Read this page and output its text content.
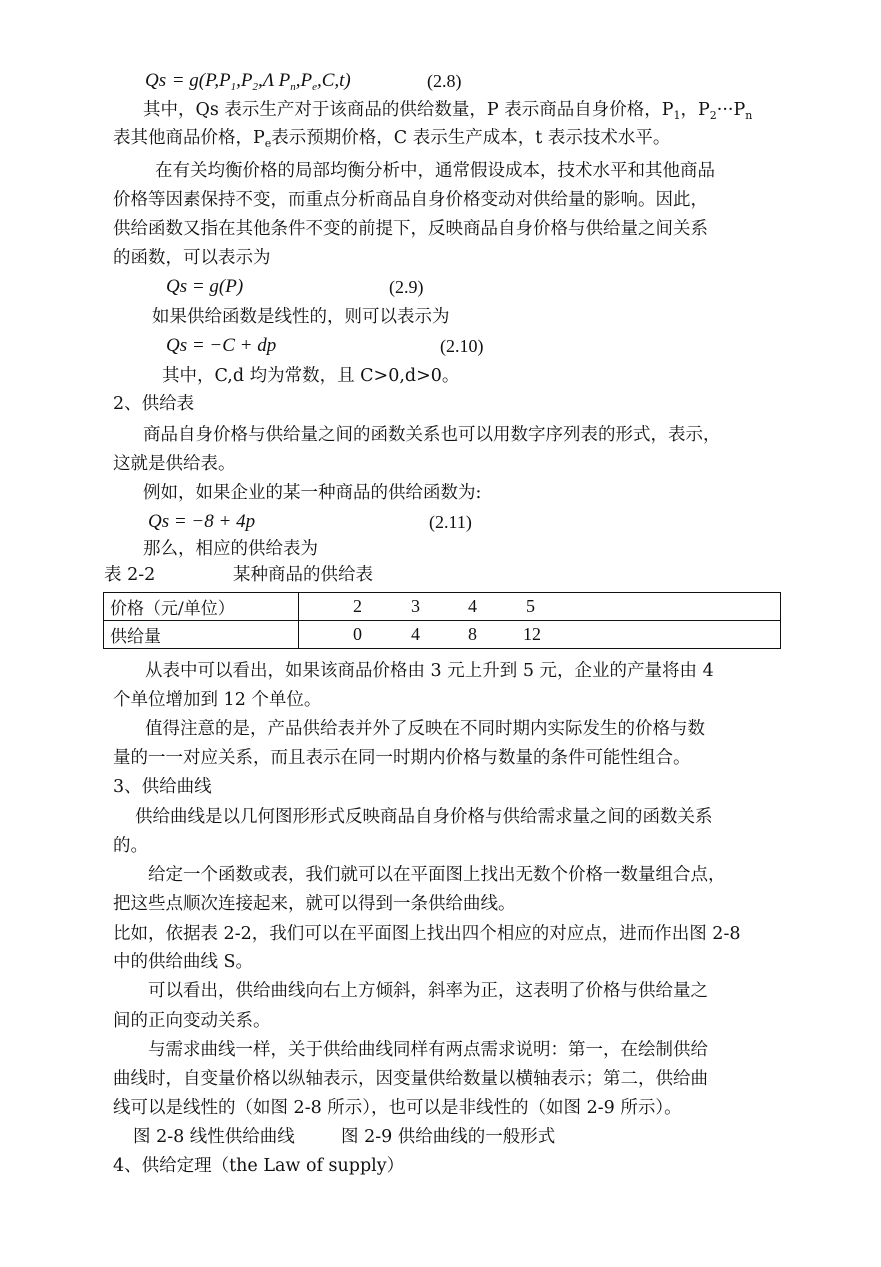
$Qs = g(P,P_1,P_2,\Lambda$ $P_n,P_e,C,t$)	(2.8)
其中，Qs 表示生产对于该商品的供给数量，P 表示商品自身价格，$P_1$，$P_2\cdot\cdot\cdot P_n$
表其他商品价格，$P_e$表示预期价格，C 表示生产成本，t 表示技术水平。
在有关均衡价格的局部均衡分析中，通常假设成本，技术水平和其他商品
价格等因素保持不变，而重点分析商品自身价格变动对供给量的影响。因此，
供给函数又指在其他条件不变的前提下，反映商品自身价格与供给量之间关系
的函数，可以表示为
Qs = g(P)	(2.9)
如果供给函数是线性的，则可以表示为
Qs = −C + dp	(2.10)
其中，C,d 均为常数，且 C>0,d>0。
2、供给表
商品自身价格与供给量之间的函数关系也可以用数字序列表的形式，表示，
这就是供给表。
例如，如果企业的某一种商品的供给函数为:
Qs = −8 + 4p	(2.11)
那么，相应的供给表为
表 2-2	某种商品的供给表
价格（元/单位）	2 3 4 5

供给量	0 4 8 12
从表中可以看出，如果该商品价格由 3 元上升到 5 元，企业的产量将由 4
个单位增加到 12 个单位。
值得注意的是，产品供给表并外了反映在不同时期内实际发生的价格与数
量的一一对应关系，而且表示在同一时期内价格与数量的条件可能性组合。
3、供给曲线
供给曲线是以几何图形形式反映商品自身价格与供给需求量之间的函数关系
的。
给定一个函数或表，我们就可以在平面图上找出无数个价格一数量组合点，
把这些点顺次连接起来，就可以得到一条供给曲线。
比如，依据表 2-2，我们可以在平面图上找出四个相应的对应点，进而作出图 2-8
中的供给曲线 S。
可以看出，供给曲线向右上方倾斜，斜率为正，这表明了价格与供给量之
间的正向变动关系。
与需求曲线一样，关于供给曲线同样有两点需求说明：第一，在绘制供给
曲线时，自变量价格以纵轴表示，因变量供给数量以横轴表示；第二，供给曲
线可以是线性的（如图 2-8 所示），也可以是非线性的（如图 2-9 所示）。
图 2-8 线性供给曲线	图 2-9 供给曲线的一般形式
4、供给定理（the Law of supply）
